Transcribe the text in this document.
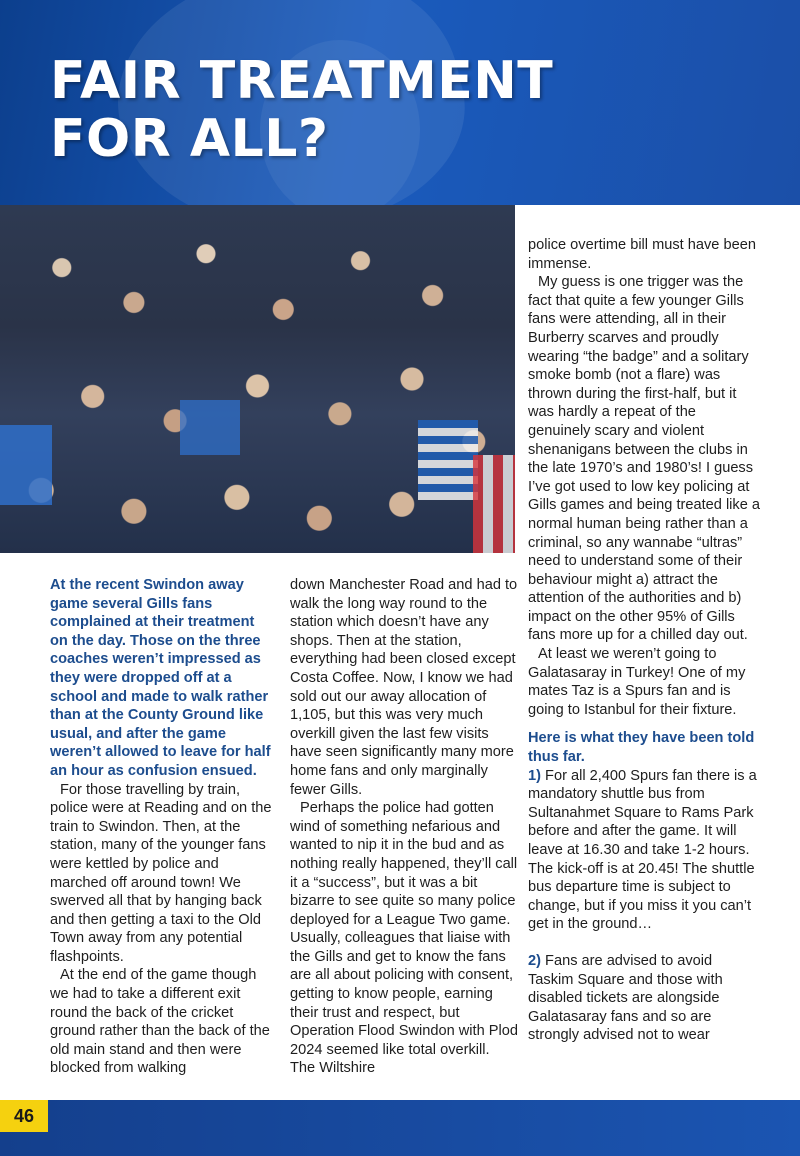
FAIR TREATMENT
FOR ALL?

At the recent Swindon away game several Gills fans complained at their treatment on the day. Those on the three coaches weren’t impressed as they were dropped off at a school and made to walk rather than at the County Ground like usual, and after the game weren’t allowed to leave for half an hour as confusion ensued.

For those travelling by train, police were at Reading and on the train to Swindon. Then, at the station, many of the younger fans were kettled by police and marched off around town! We swerved all that by hanging back and then getting a taxi to the Old Town away from any potential flashpoints.

At the end of the game though we had to take a different exit round the back of the cricket ground rather than the back of the old main stand and then were blocked from walking

down Manchester Road and had to walk the long way round to the station which doesn’t have any shops. Then at the station, everything had been closed except Costa Coffee. Now, I know we had sold out our away allocation of 1,105, but this was very much overkill given the last few visits have seen significantly many more home fans and only marginally fewer Gills.

Perhaps the police had gotten wind of something nefarious and wanted to nip it in the bud and as nothing really happened, they’ll call it a “success”, but it was a bit bizarre to see quite so many police deployed for a League Two game. Usually, colleagues that liaise with the Gills and get to know the fans are all about policing with consent, getting to know people, earning their trust and respect, but Operation Flood Swindon with Plod 2024 seemed like total overkill. The Wiltshire

police overtime bill must have been immense.

My guess is one trigger was the fact that quite a few younger Gills fans were attending, all in their Burberry scarves and proudly wearing “the badge” and a solitary smoke bomb (not a flare) was thrown during the first-half, but it was hardly a repeat of the genuinely scary and violent shenanigans between the clubs in the late 1970’s and 1980’s! I guess I’ve got used to low key policing at Gills games and being treated like a normal human being rather than a criminal, so any wannabe “ultras” need to understand some of their behaviour might a) attract the attention of the authorities and b) impact on the other 95% of Gills fans more up for a chilled day out.

At least we weren’t going to Galatasaray in Turkey! One of my mates Taz is a Spurs fan and is going to Istanbul for their fixture.

Here is what they have been told thus far.

1) For all 2,400 Spurs fan there is a mandatory shuttle bus from Sultanahmet Square to Rams Park before and after the game. It will leave at 16.30 and take 1-2 hours. The kick-off is at 20.45! The shuttle bus departure time is subject to change, but if you miss it you can’t get in the ground…

2) Fans are advised to avoid Taskim Square and those with disabled tickets are alongside Galatasaray fans and so are strongly advised not to wear

46
